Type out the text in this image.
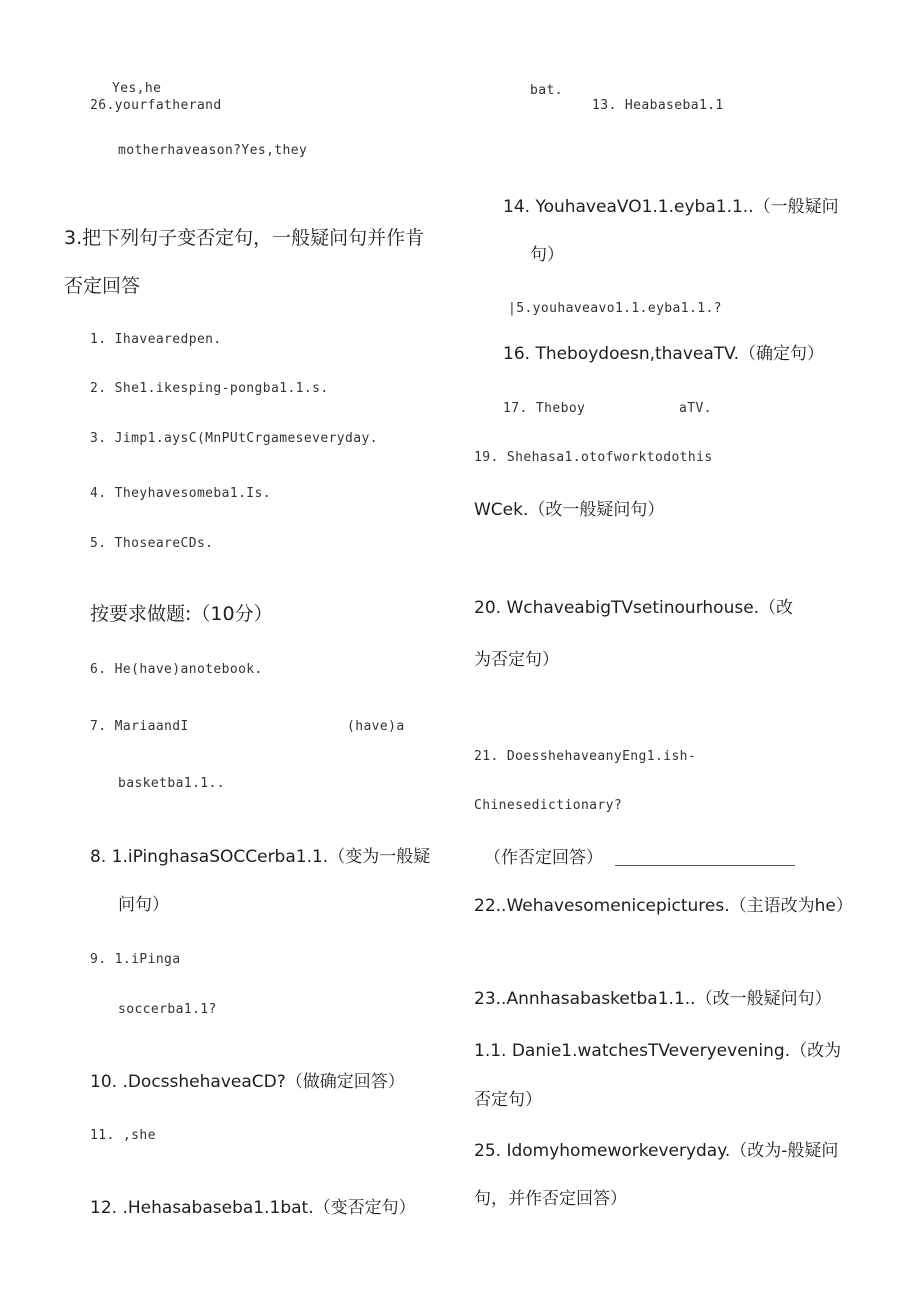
Yes,he
26.yourfatherand
motherhaveason?Yes,they
3.把下列句子变否定句，一般疑问句并作肯
否定回答
1. Ihavearedpen.
2. She1.ikesping-pongba1.1.s.
3. Jimp1.aysC(MnPUtCrgameseveryday.
4. Theyhavesomeba1.Is.
5. ThoseareCDs.
按要求做题:（10分）
6. He(have)anotebook.
7. MariaandI	(have)a
basketba1.1..
8. 1.iPinghasaSOCCerba1.1.（变为一般疑
问句）
9. 1.iPinga
soccerba1.1?
10. .DocsshehaveaCD?（做确定回答）
11. ,she
12. .Hehasabaseba1.1bat.（变否定句）
bat.
13. Heabaseba1.1
14. YouhaveaVO1.1.eyba1.1..（一般疑问
句）
|5.youhaveavo1.1.eyba1.1.?
16. Theboydoesn,thaveaTV.（确定句）
17. Theboy	aTV.
19. Shehasa1.otofworktodothis
WCek.（改一般疑问句）
20. WchaveabigTVsetinourhouse.（改
为否定句）
21. DoesshehaveanyEng1.ish-
Chinesedictionary?
（作否定回答）
22..Wehavesomenicepictures.（主语改为he）
23..Annhasabasketba1.1..（改一般疑问句）
1.1. Danie1.watchesTVeveryevening.（改为
否定句）
25. Idomyhomeworkeveryday.（改为-般疑问
句，并作否定回答）
